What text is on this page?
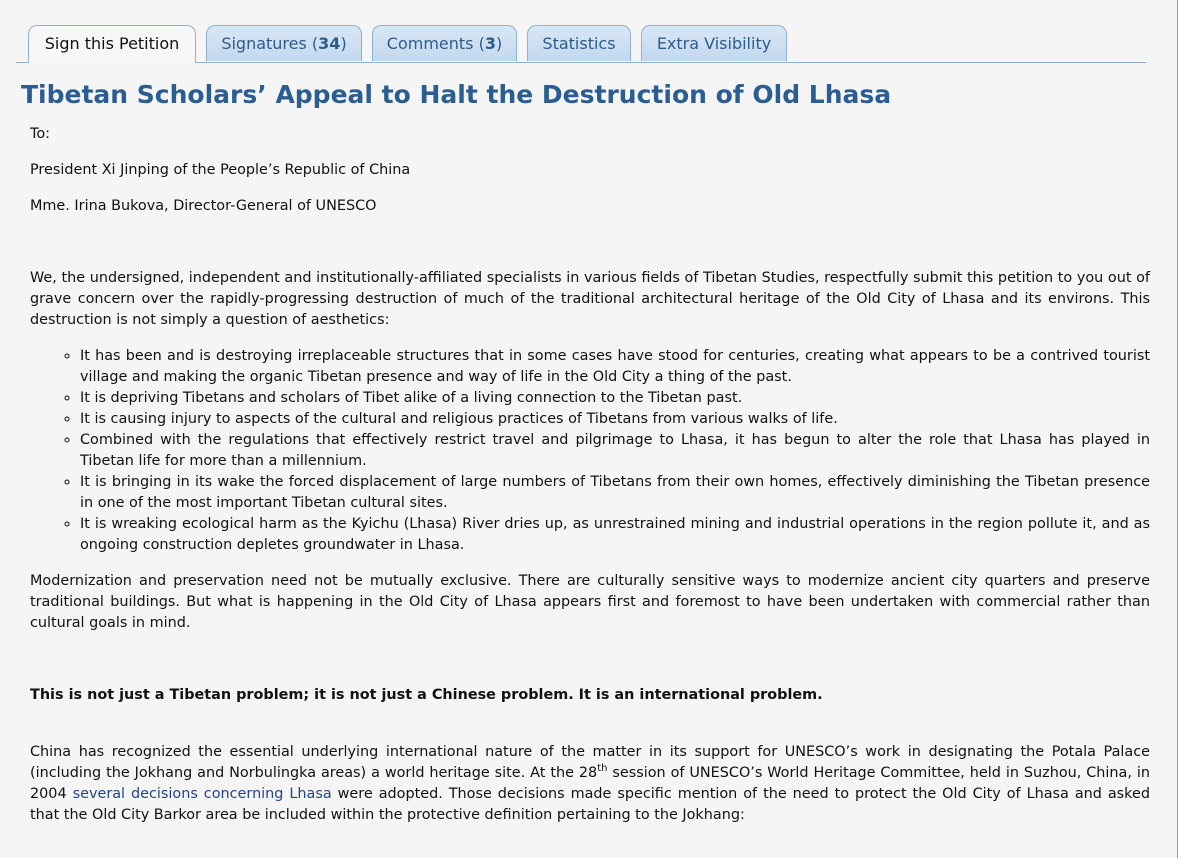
Sign this Petition	Signatures (34)	Comments (3)	Statistics	Extra Visibility
Tibetan Scholars’ Appeal to Halt the Destruction of Old Lhasa

To:

President Xi Jinping of the People’s Republic of China

Mme. Irina Bukova, Director-General of UNESCO

We, the undersigned, independent and institutionally-affiliated specialists in various fields of Tibetan Studies, respectfully submit this petition to you out of grave concern over the rapidly-progressing destruction of much of the traditional architectural heritage of the Old City of Lhasa and its environs. This destruction is not simply a question of aesthetics:

◦ It has been and is destroying irreplaceable structures that in some cases have stood for centuries, creating what appears to be a contrived tourist village and making the organic Tibetan presence and way of life in the Old City a thing of the past.
◦ It is depriving Tibetans and scholars of Tibet alike of a living connection to the Tibetan past.
◦ It is causing injury to aspects of the cultural and religious practices of Tibetans from various walks of life.
◦ Combined with the regulations that effectively restrict travel and pilgrimage to Lhasa, it has begun to alter the role that Lhasa has played in Tibetan life for more than a millennium.
◦ It is bringing in its wake the forced displacement of large numbers of Tibetans from their own homes, effectively diminishing the Tibetan presence in one of the most important Tibetan cultural sites.
◦ It is wreaking ecological harm as the Kyichu (Lhasa) River dries up, as unrestrained mining and industrial operations in the region pollute it, and as ongoing construction depletes groundwater in Lhasa.

Modernization and preservation need not be mutually exclusive. There are culturally sensitive ways to modernize ancient city quarters and preserve traditional buildings. But what is happening in the Old City of Lhasa appears first and foremost to have been undertaken with commercial rather than cultural goals in mind.

This is not just a Tibetan problem; it is not just a Chinese problem. It is an international problem.

China has recognized the essential underlying international nature of the matter in its support for UNESCO’s work in designating the Potala Palace (including the Jokhang and Norbulingka areas) a world heritage site. At the 28th session of UNESCO’s World Heritage Committee, held in Suzhou, China, in 2004 several decisions concerning Lhasa were adopted. Those decisions made specific mention of the need to protect the Old City of Lhasa and asked that the Old City Barkor area be included within the protective definition pertaining to the Jokhang:
